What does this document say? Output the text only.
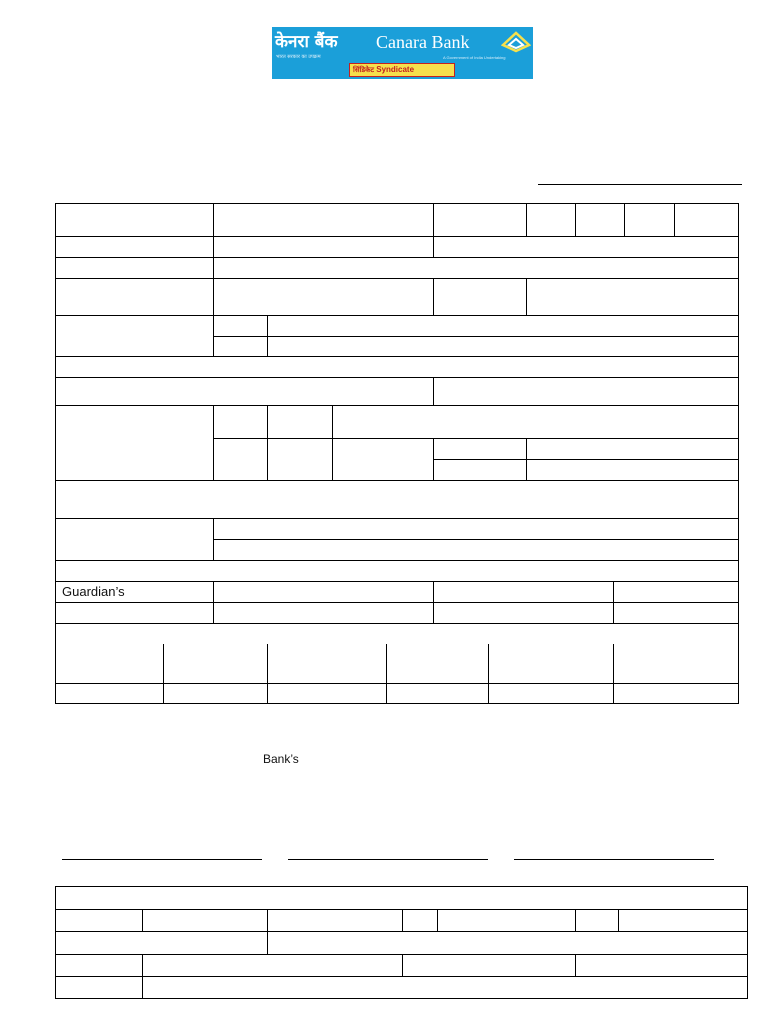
केनरा बैंक Canara Bank
भारत सरकार का उपक्रम	A Government of India Undertaking
सिंडिकेट Syndicate
Guardian’s
Bank’s
